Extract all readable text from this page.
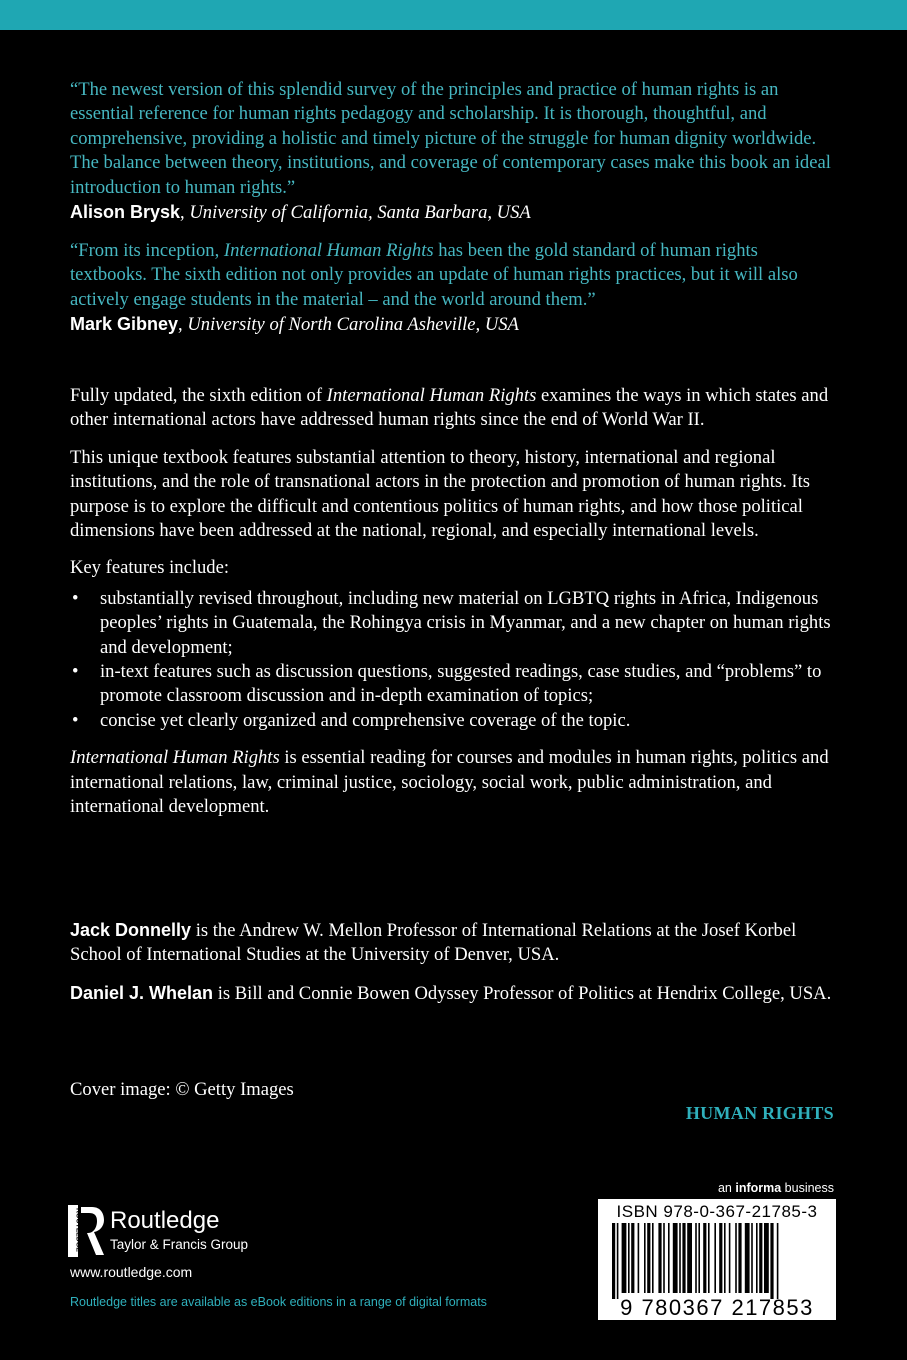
“The newest version of this splendid survey of the principles and practice of human rights is an essential reference for human rights pedagogy and scholarship. It is thorough, thoughtful, and comprehensive, providing a holistic and timely picture of the struggle for human dignity worldwide. The balance between theory, institutions, and coverage of contemporary cases make this book an ideal introduction to human rights.”
Alison Brysk, University of California, Santa Barbara, USA
“From its inception, International Human Rights has been the gold standard of human rights textbooks. The sixth edition not only provides an update of human rights practices, but it will also actively engage students in the material – and the world around them.”
Mark Gibney, University of North Carolina Asheville, USA

Fully updated, the sixth edition of International Human Rights examines the ways in which states and other international actors have addressed human rights since the end of World War II.

This unique textbook features substantial attention to theory, history, international and regional institutions, and the role of transnational actors in the protection and promotion of human rights. Its purpose is to explore the difficult and contentious politics of human rights, and how those political dimensions have been addressed at the national, regional, and especially international levels.

Key features include:

• substantially revised throughout, including new material on LGBTQ rights in Africa, Indigenous peoples’ rights in Guatemala, the Rohingya crisis in Myanmar, and a new chapter on human rights and development;
• in-text features such as discussion questions, suggested readings, case studies, and “problems” to promote classroom discussion and in-depth examination of topics;
• concise yet clearly organized and comprehensive coverage of the topic.

International Human Rights is essential reading for courses and modules in human rights, politics and international relations, law, criminal justice, sociology, social work, public administration, and international development.

Jack Donnelly is the Andrew W. Mellon Professor of International Relations at the Josef Korbel School of International Studies at the University of Denver, USA.

Daniel J. Whelan is Bill and Connie Bowen Odyssey Professor of Politics at Hendrix College, USA.

Cover image: © Getty Images
HUMAN RIGHTS
an informa business
ROUTLEDGE Routledge
Taylor & Francis Group
www.routledge.com
Routledge titles are available as eBook editions in a range of digital formats
ISBN 978-0-367-21785-3
9 780367 217853
